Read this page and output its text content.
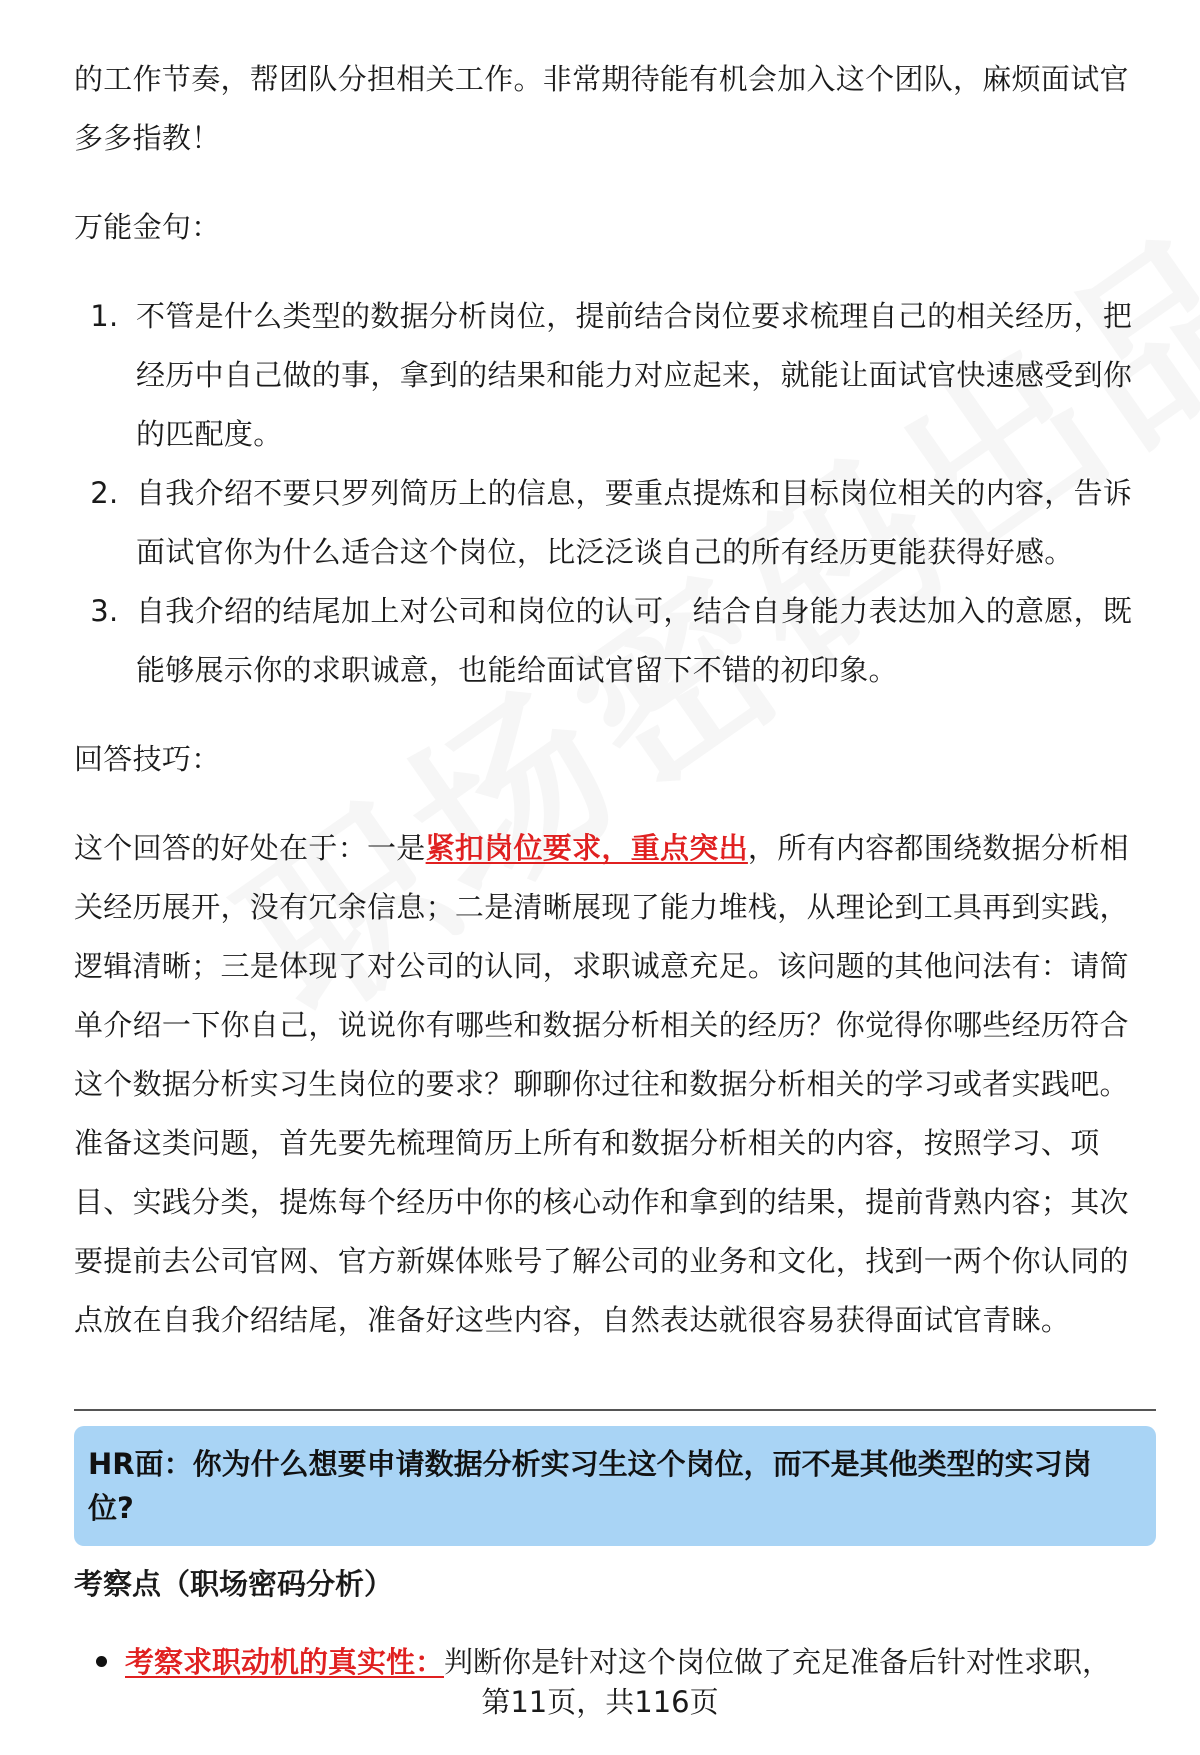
的工作节奏，帮团队分担相关工作。非常期待能有机会加入这个团队，麻烦面试官多多指教！

万能金句：

1. 不管是什么类型的数据分析岗位，提前结合岗位要求梳理自己的相关经历，把经历中自己做的事，拿到的结果和能力对应起来，就能让面试官快速感受到你的匹配度。
2. 自我介绍不要只罗列简历上的信息，要重点提炼和目标岗位相关的内容，告诉面试官你为什么适合这个岗位，比泛泛谈自己的所有经历更能获得好感。
3. 自我介绍的结尾加上对公司和岗位的认可，结合自身能力表达加入的意愿，既能够展示你的求职诚意，也能给面试官留下不错的初印象。

回答技巧：

这个回答的好处在于：一是紧扣岗位要求，重点突出，所有内容都围绕数据分析相关经历展开，没有冗余信息；二是清晰展现了能力堆栈，从理论到工具再到实践，逻辑清晰；三是体现了对公司的认同，求职诚意充足。该问题的其他问法有：请简单介绍一下你自己，说说你有哪些和数据分析相关的经历？你觉得你哪些经历符合这个数据分析实习生岗位的要求？聊聊你过往和数据分析相关的学习或者实践吧。准备这类问题，首先要先梳理简历上所有和数据分析相关的内容，按照学习、项目、实践分类，提炼每个经历中你的核心动作和拿到的结果，提前背熟内容；其次要提前去公司官网、官方新媒体账号了解公司的业务和文化，找到一两个你认同的点放在自我介绍结尾，准备好这些内容，自然表达就很容易获得面试官青睐。

HR面：你为什么想要申请数据分析实习生这个岗位，而不是其他类型的实习岗位?
考察点（职场密码分析）
考察求职动机的真实性：判断你是针对这个岗位做了充足准备后针对性求职，
第11页，共116页
